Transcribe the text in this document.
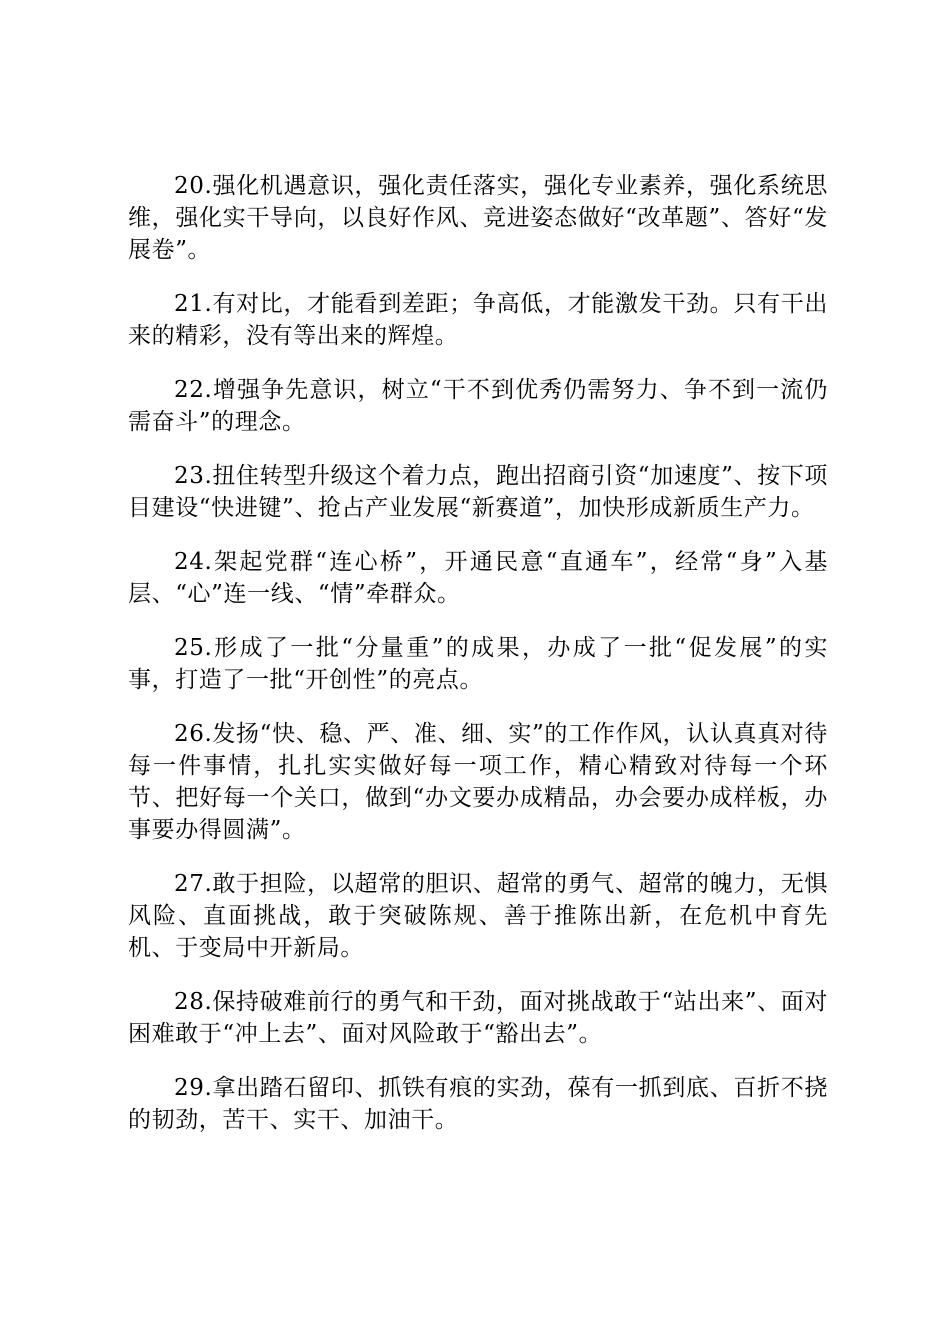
20.强化机遇意识，强化责任落实，强化专业素养，强化系统思维，强化实干导向，以良好作风、竞进姿态做好“改革题”、答好“发展卷”。

21.有对比，才能看到差距；争高低，才能激发干劲。只有干出来的精彩，没有等出来的辉煌。

22.增强争先意识，树立“干不到优秀仍需努力、争不到一流仍需奋斗”的理念。

23.扭住转型升级这个着力点，跑出招商引资“加速度”、按下项目建设“快进键”、抢占产业发展“新赛道”，加快形成新质生产力。

24.架起党群“连心桥”，开通民意“直通车”，经常“身”入基层、“心”连一线、“情”牵群众。

25.形成了一批“分量重”的成果，办成了一批“促发展”的实事，打造了一批“开创性”的亮点。

26.发扬“快、稳、严、准、细、实”的工作作风，认认真真对待每一件事情，扎扎实实做好每一项工作，精心精致对待每一个环节、把好每一个关口，做到“办文要办成精品，办会要办成样板，办事要办得圆满”。

27.敢于担险，以超常的胆识、超常的勇气、超常的魄力，无惧风险、直面挑战，敢于突破陈规、善于推陈出新，在危机中育先机、于变局中开新局。

28.保持破难前行的勇气和干劲，面对挑战敢于“站出来”、面对困难敢于“冲上去”、面对风险敢于“豁出去”。

29.拿出踏石留印、抓铁有痕的实劲，葆有一抓到底、百折不挠的韧劲，苦干、实干、加油干。
